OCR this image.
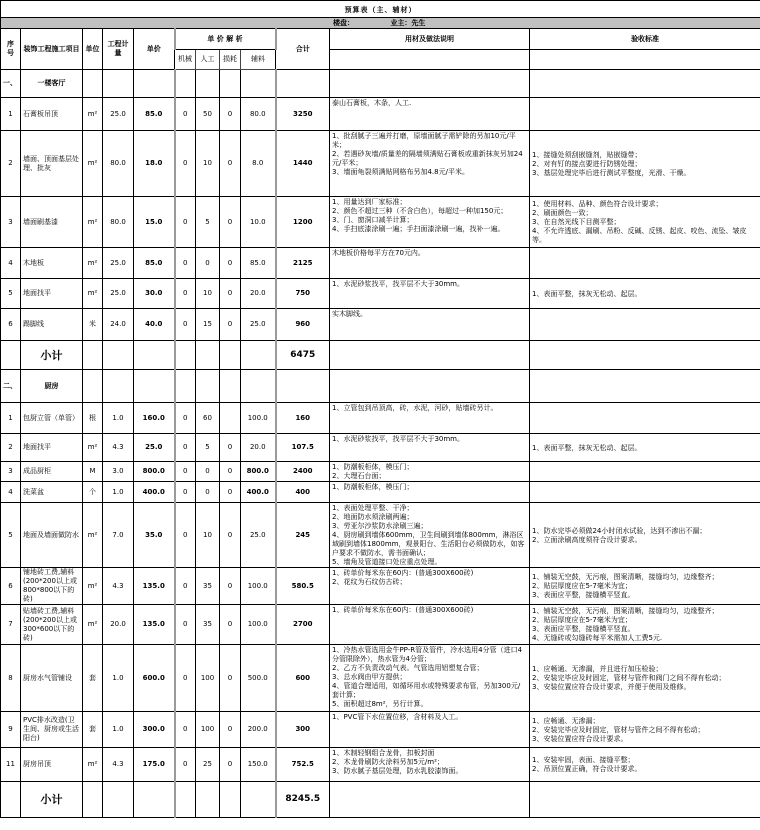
预算表（主、辅材）											
楼盘： 业主：先生											
序 号	装饰工程施工项目	单位	工程计量	单价	单 价 解 析				合计	用材及做法说明	验收标准
					机械	人工	损耗	辅料			
一、	一楼客厅										
1	石膏板吊顶	m²	25.0	85.0	0	50	0	80.0	3250	泰山石膏板，木条，人工.	

2	墙面、顶面基层处理、批灰	m²	80.0	18.0	0	10	0	8.0	1440	1、批刮腻子三遍并打磨，原墙面腻子需铲除的另加10元/平米；
2、若遇砂灰墙/质量差的隔墙须满贴石膏板或重新抹灰另加24元/平米；
3、墙面龟裂须满贴网格布另加4.8元/平米。	1、接缝处须刮嵌缝剂，贴嵌缝带；
2、对有钉的接点要进行防锈处理；
3、基层处理完毕后进行测试平整度，光滑、干燥。

3	墙面刷基漆	m²	80.0	15.0	0	5	0	10.0	1200	1、用量达到厂家标准；
2、颜色不超过三种（不含白色），每超过一种加150元；
3、门、窗洞口减半计算；
4、手扫底漆涂刷一遍；手扫面漆涂刷一遍，找补一遍。	1、使用材料、品种、颜色符合设计要求；
2、刷面颜色一致；
3、在自然光线下目测平整；
4、不允许透底、漏刷、吊粉、反碱、反锈、起皮、咬色、流坠、皱皮等。

4	木地板	m²	25.0	85.0	0	0	0	85.0	2125	木地板价格每平方在70元内。	

5	地面找平	m²	25.0	30.0	0	10	0	20.0	750	1、水泥砂浆找平，找平层不大于30mm。	1、表面平整，抹灰无松动、起层。

6	踢脚线	米	24.0	40.0	0	15	0	25.0	960	实木脚线。	

	小计								6475		
二、	厨房										
1	包厨立管（单管）	根	1.0	160.0	0	60		100.0	160	1、立管包到吊顶高，砖，水泥，河砂，贴墙砖另计。	

2	地面找平	m²	4.3	25.0	0	5	0	20.0	107.5	1、水泥砂浆找平，找平层不大于30mm。	1、表面平整，抹灰无松动、起层。

3	成品厨柜	M	3.0	800.0	0	0	0	800.0	2400	1、防潮板柜体，模压门；
2、大理石台面；	

4	洗菜盆	个	1.0	400.0	0	0	0	400.0	400	1、防潮板柜体，模压门；	

5	地面及墙面做防水	m²	7.0	35.0	0	10	0	25.0	245	1、表面处理平整、干净；
2、地面防水须涂刷两遍；
3、劳亚尔沙浆防水涂刷三遍；
4、厨房刷到墙体600mm，卫生间刷到墙体800mm，淋浴区域刷到墙体1800mm，观景阳台、生活阳台必须做防水，如客户要求不做防水，需书面确认；
5、墙角及管道接口处应重点处理。	1、防水完毕必须做24小时闭水试验，达到不渗出不漏；
2、立面涂刷高度须符合设计要求。

6	铺地砖工费,辅料(200*200以上或800*800以下的砖)	m²	4.3	135.0	0	35	0	100.0	580.5	1、砖单价每米东在60内：(普通300X600砖)
2、花纹为石纹仿古砖；	1、铺装无空鼓，无污痕，图案清晰，接缝均匀，边缘整齐；
2、贴层厚度应在5-7毫米为宜；
3、表面应平整，接缝横平竖直。

7	贴墙砖工费,辅料(200*200以上或300*600以下的砖)	m²	20.0	135.0	0	35	0	100.0	2700	1、砖单价每米东在60内：(普通300X600砖)	1、铺装无空鼓，无污痕，图案清晰，接缝均匀，边缘整齐；
2、贴层厚度应在5-7毫米为宜；
3、表面应平整，接缝横平竖直。
4、无缝砖或勾缝砖每平米需加人工费5元.

8	厨房水气管铺设	套	1.0	600.0	0	100	0	500.0	600	1、冷热水管选用金牛PP-R管及管件，冷水选用4分管（进口4分管限除外），热水管为4分管；
2、乙方不负责改动气表。气管选用铝塑复合管；
3、总水阀由甲方提供；
4、管道合理适用，如循环用水或特殊要求布管，另加300元/套计算；
5、面积超过8m²，另行计算。	1、应畅通、无渗漏，并且进行加压检验；
2、安装完毕应及时固定，管材与管件和阀门之间不得有松动；
3、安装位置应符合设计要求，并便于使用及维修。

9	PVC排水改造(卫生间、厨房或生活阳台)	套	1.0	300.0	0	100	0	200.0	300	1、PVC管下水位置位移，含材料及人工。	1、应畅通、无渗漏；
2、安装完毕应及时固定，管材与管件之间不得有松动；
3、安装位置应符合设计要求。

11	厨房吊顶	m²	4.3	175.0	0	25	0	150.0	752.5	1、木制轻钢组合龙骨，扣板封面
2、木龙骨刷防火涂料另加5元/m²；
3、防水腻子基层处理，防水乳胶漆饰面。	1、安装牢固，表面、接缝平整；
2、吊顶位置正确，符合设计要求。

	小计								8245.5		
